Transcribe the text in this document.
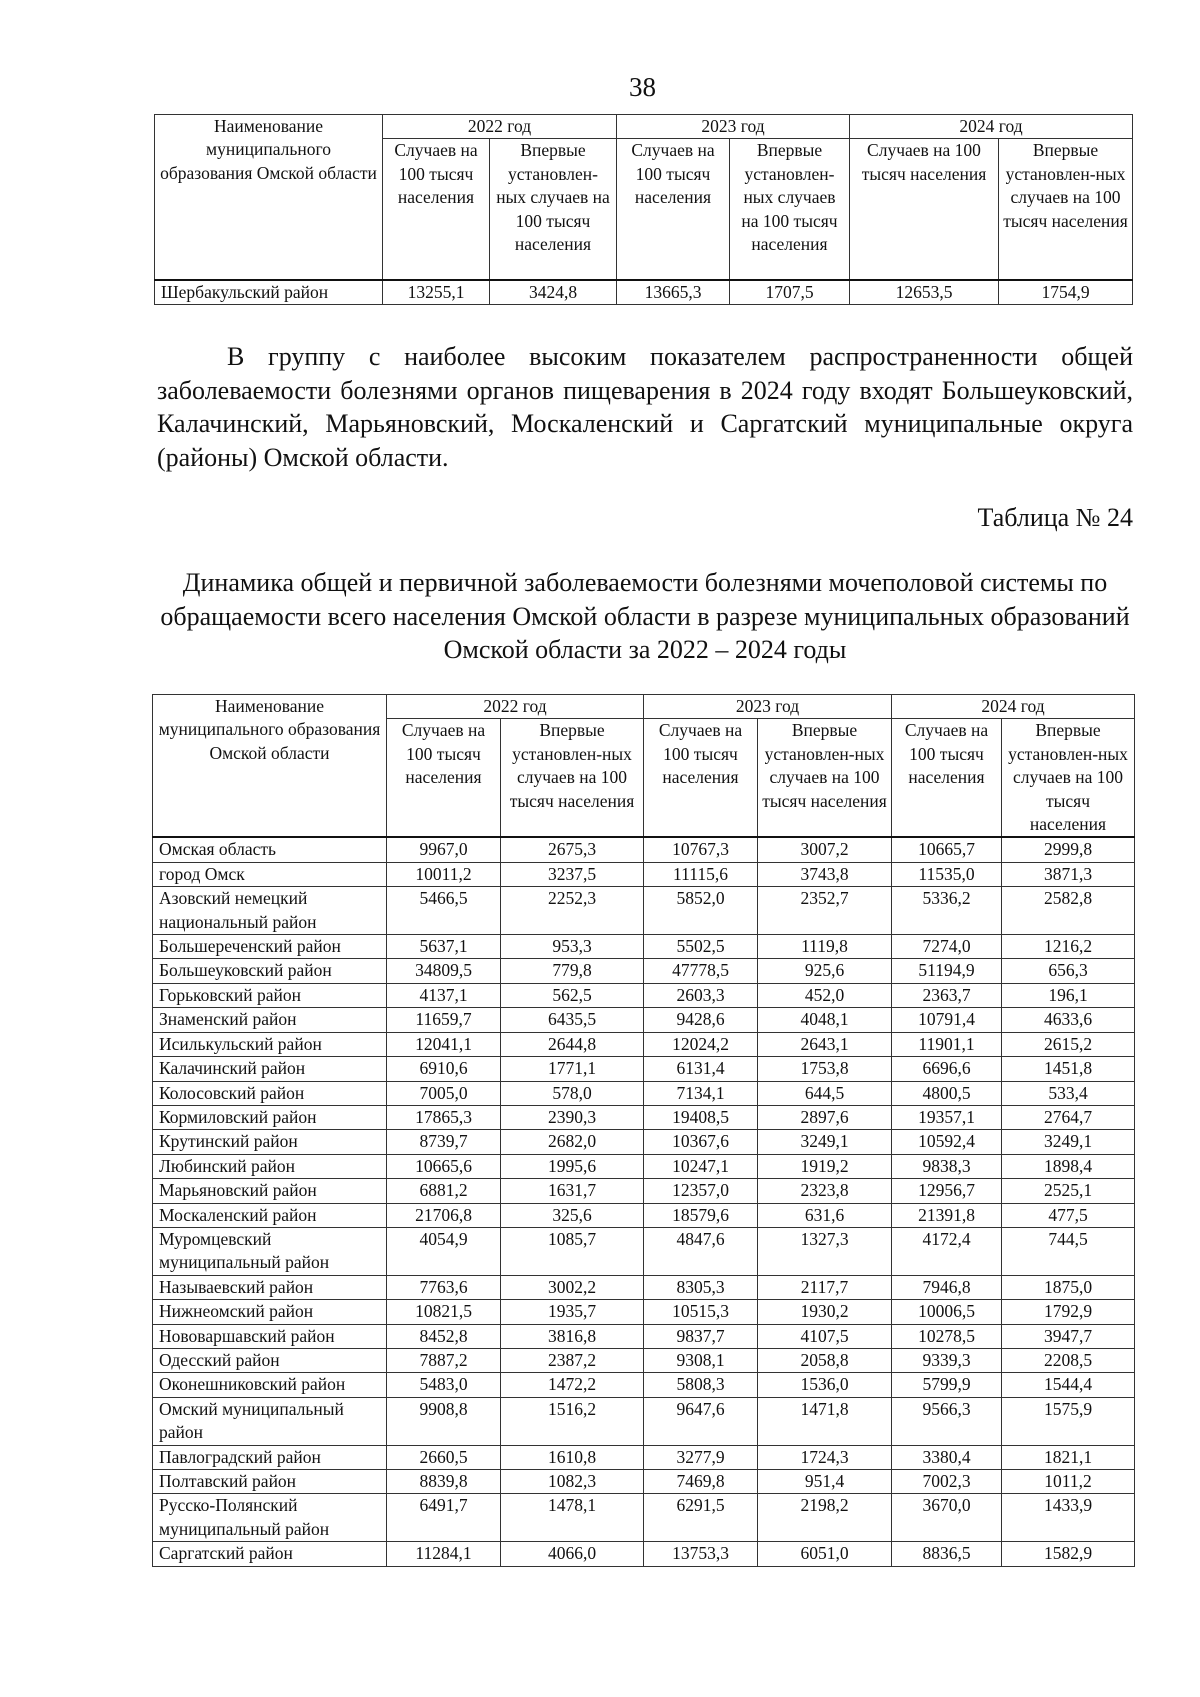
38
Наименование муниципального образования Омской области	2022 год		2023 год		2024 год	
	Случаев на 100 тысяч населения	Впервые установлен-ных случаев на 100 тысяч населения	Случаев на 100 тысяч населения	Впервые установлен-ных случаев на 100 тысяч населения	Случаев на 100 тысяч населения	Впервые установлен-ных случаев на 100 тысяч населения
Шербакульский район	13255,1	3424,8	13665,3	1707,5	12653,5	1754,9
В группу с наиболее высоким показателем распространенности общей заболеваемости болезнями органов пищеварения в 2024 году входят Большеуковский, Калачинский, Марьяновский, Москаленский и Саргатский муниципальные округа (районы) Омской области.
Таблица № 24
Динамика общей и первичной заболеваемости болезнями мочеполовой системы по обращаемости всего населения Омской области в разрезе муниципальных образований Омской области за 2022 – 2024 годы
Наименование муниципального образования Омской области	2022 год		2023 год		2024 год	
	Случаев на 100 тысяч населения	Впервые установлен-ных случаев на 100 тысяч населения	Случаев на 100 тысяч населения	Впервые установлен-ных случаев на 100 тысяч населения	Случаев на 100 тысяч населения	Впервые установлен-ных случаев на 100 тысяч населения
Омская область	9967,0	2675,3	10767,3	3007,2	10665,7	2999,8
город Омск	10011,2	3237,5	11115,6	3743,8	11535,0	3871,3
Азовский немецкий национальный район	5466,5	2252,3	5852,0	2352,7	5336,2	2582,8
Большереченский район	5637,1	953,3	5502,5	1119,8	7274,0	1216,2
Большеуковский район	34809,5	779,8	47778,5	925,6	51194,9	656,3
Горьковский район	4137,1	562,5	2603,3	452,0	2363,7	196,1
Знаменский район	11659,7	6435,5	9428,6	4048,1	10791,4	4633,6
Исилькульский район	12041,1	2644,8	12024,2	2643,1	11901,1	2615,2
Калачинский район	6910,6	1771,1	6131,4	1753,8	6696,6	1451,8
Колосовский район	7005,0	578,0	7134,1	644,5	4800,5	533,4
Кормиловский район	17865,3	2390,3	19408,5	2897,6	19357,1	2764,7
Крутинский район	8739,7	2682,0	10367,6	3249,1	10592,4	3249,1
Любинский район	10665,6	1995,6	10247,1	1919,2	9838,3	1898,4
Марьяновский район	6881,2	1631,7	12357,0	2323,8	12956,7	2525,1
Москаленский район	21706,8	325,6	18579,6	631,6	21391,8	477,5
Муромцевский муниципальный район	4054,9	1085,7	4847,6	1327,3	4172,4	744,5
Называевский район	7763,6	3002,2	8305,3	2117,7	7946,8	1875,0
Нижнеомский район	10821,5	1935,7	10515,3	1930,2	10006,5	1792,9
Нововаршавский район	8452,8	3816,8	9837,7	4107,5	10278,5	3947,7
Одесский район	7887,2	2387,2	9308,1	2058,8	9339,3	2208,5
Оконешниковский район	5483,0	1472,2	5808,3	1536,0	5799,9	1544,4
Омский муниципальный район	9908,8	1516,2	9647,6	1471,8	9566,3	1575,9
Павлоградский район	2660,5	1610,8	3277,9	1724,3	3380,4	1821,1
Полтавский район	8839,8	1082,3	7469,8	951,4	7002,3	1011,2
Русско-Полянский муниципальный район	6491,7	1478,1	6291,5	2198,2	3670,0	1433,9
Саргатский район	11284,1	4066,0	13753,3	6051,0	8836,5	1582,9
